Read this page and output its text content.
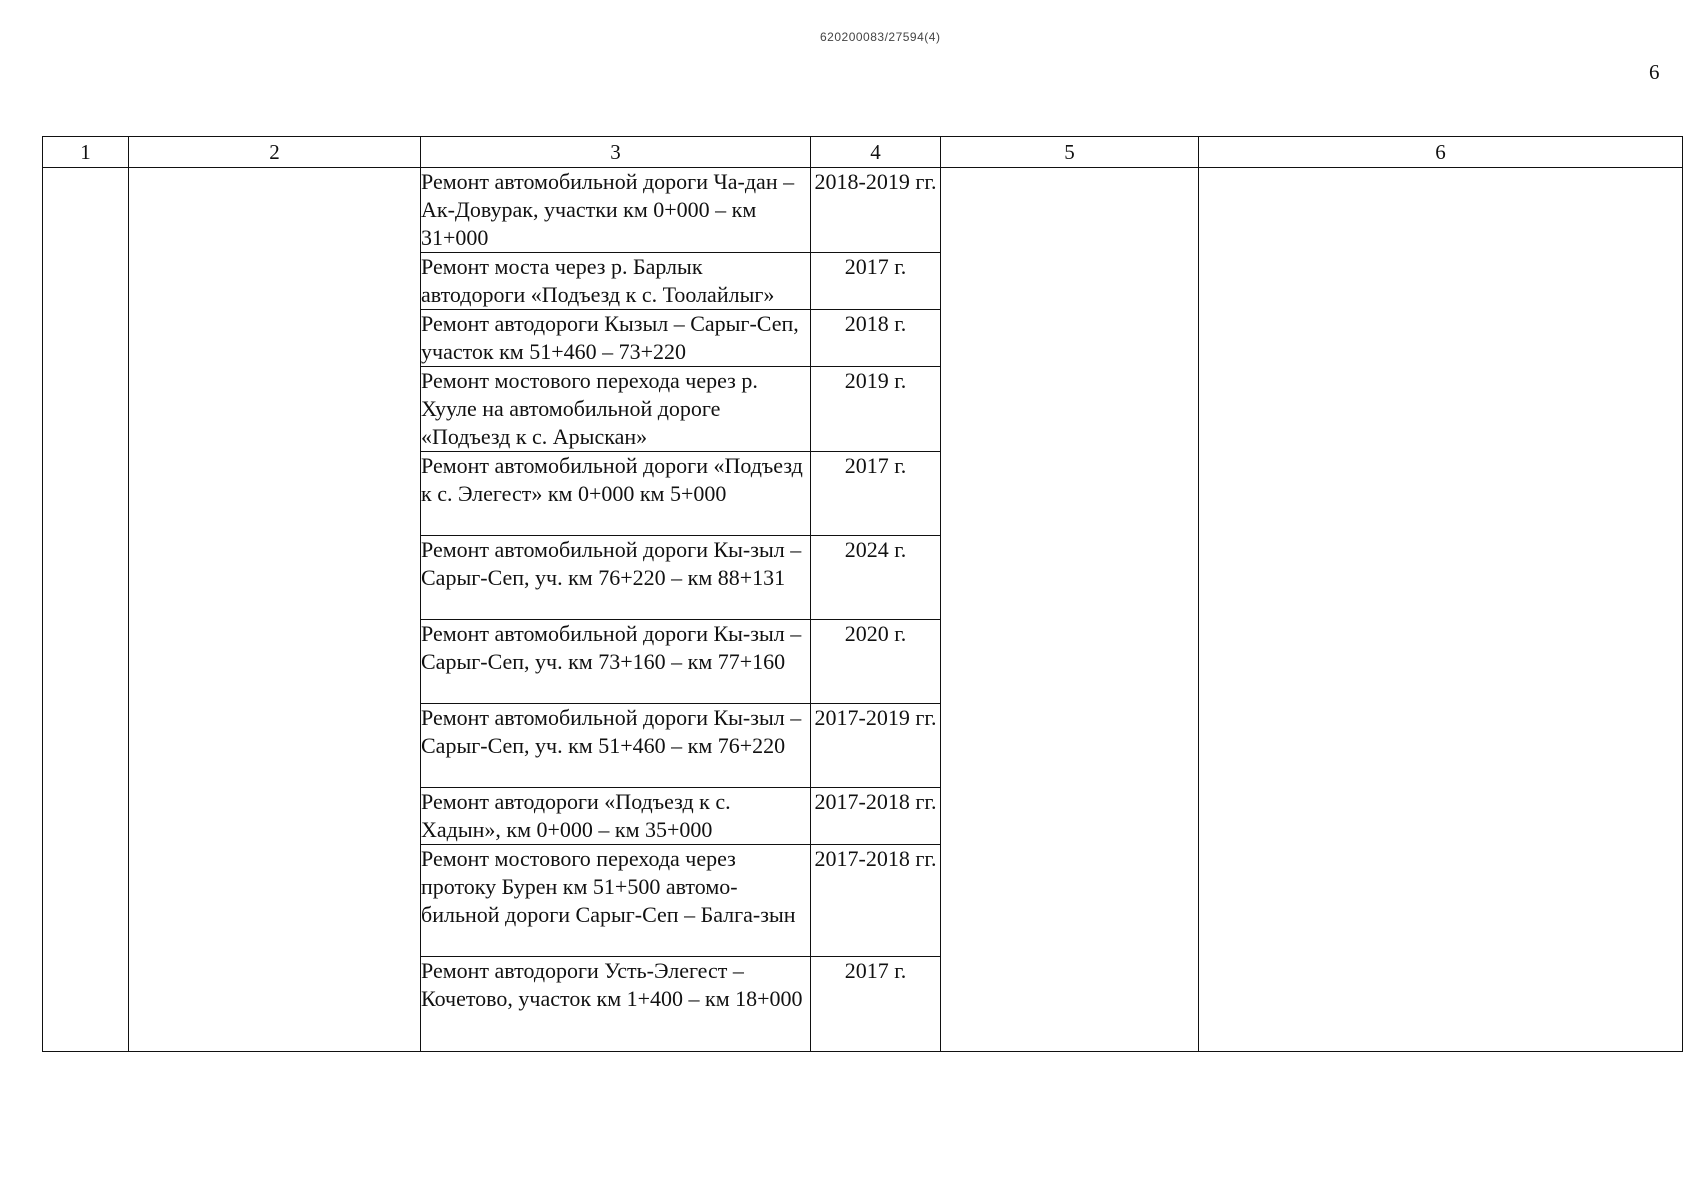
620200083/27594(4)
6
1	2	3	4	5	6
		Ремонт автомобильной дороги Ча-дан – Ак-Довурак, участки км 0+000 – км 31+000	2018-2019 гг.		
		Ремонт моста через р. Барлык автодороги «Подъезд к с. Тоолайлыг»	2017 г.		
		Ремонт автодороги Кызыл – Сарыг-Сеп, участок км 51+460 – 73+220	2018 г.		
		Ремонт мостового перехода через р. Хууле на автомобильной дороге «Подъезд к с. Арыскан»	2019 г.		
		Ремонт автомобильной дороги «Подъезд к с. Элегест» км 0+000 км 5+000	2017 г.		
		Ремонт автомобильной дороги Кы-зыл – Сарыг-Сеп, уч. км 76+220 – км 88+131	2024 г.		
		Ремонт автомобильной дороги Кы-зыл – Сарыг-Сеп, уч. км 73+160 – км 77+160	2020 г.		
		Ремонт автомобильной дороги Кы-зыл – Сарыг-Сеп, уч. км 51+460 – км 76+220	2017-2019 гг.		
		Ремонт автодороги «Подъезд к с. Хадын», км 0+000 – км 35+000	2017-2018 гг.		
		Ремонт мостового перехода через протоку Бурен км 51+500 автомо-бильной дороги Сарыг-Сеп – Балга-зын	2017-2018 гг.		
		Ремонт автодороги Усть-Элегест – Кочетово, участок км 1+400 – км 18+000	2017 г.		
